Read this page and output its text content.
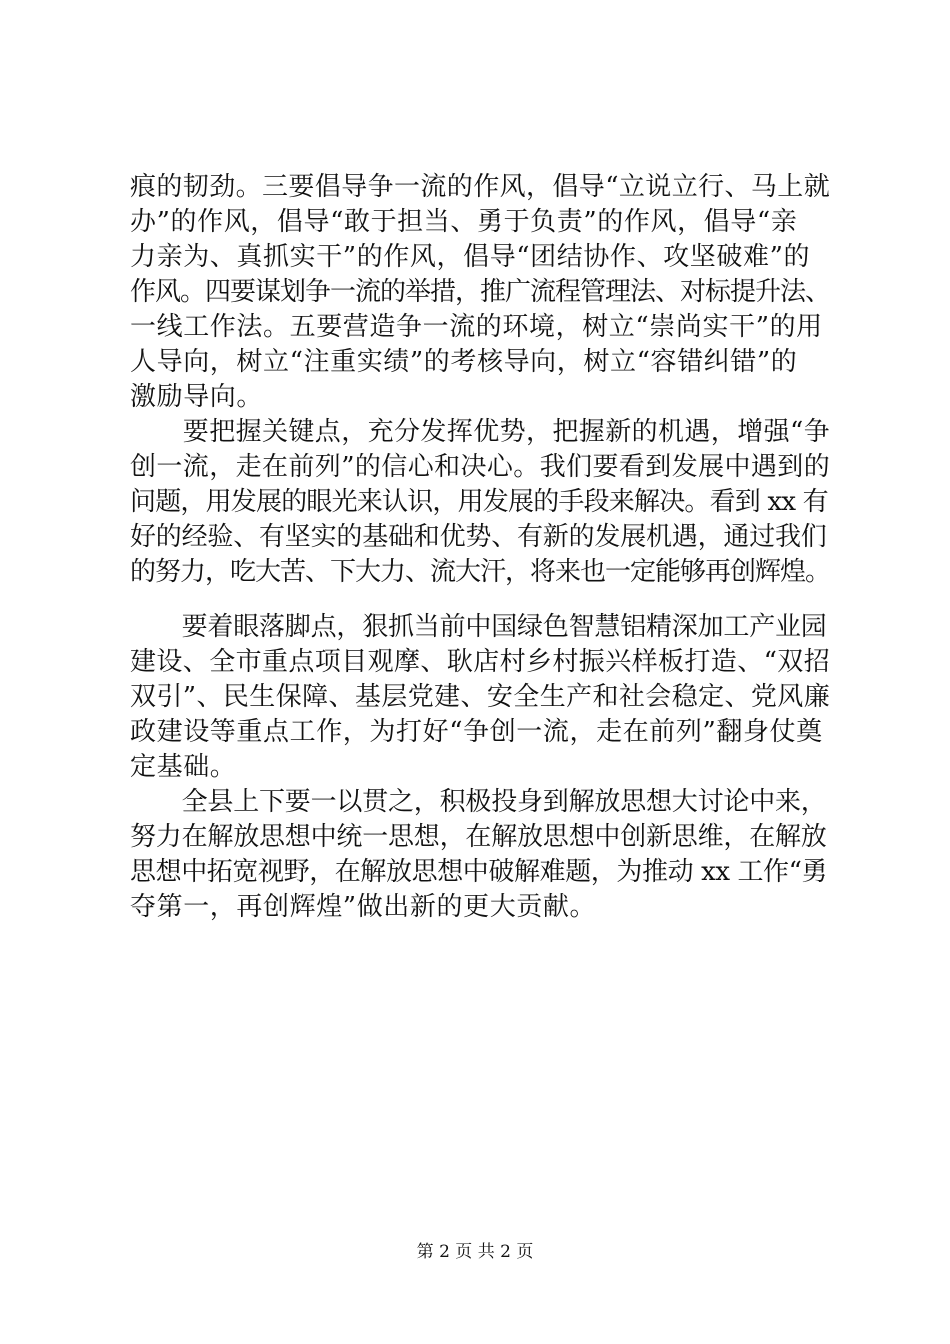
痕的韧劲。三要倡导争一流的作风，倡导“立说立行、马上就
办”的作风，倡导“敢于担当、勇于负责”的作风，倡导“亲
力亲为、真抓实干”的作风，倡导“团结协作、攻坚破难”的
作风。四要谋划争一流的举措，推广流程管理法、对标提升法、
一线工作法。五要营造争一流的环境，树立“崇尚实干”的用
人导向，树立“注重实绩”的考核导向，树立“容错纠错”的
激励导向。
　　要把握关键点，充分发挥优势，把握新的机遇，增强“争
创一流，走在前列”的信心和决心。我们要看到发展中遇到的
问题，用发展的眼光来认识，用发展的手段来解决。看到 xx 有
好的经验、有坚实的基础和优势、有新的发展机遇，通过我们
的努力，吃大苦、下大力、流大汗，将来也一定能够再创辉煌。
　　要着眼落脚点，狠抓当前中国绿色智慧铝精深加工产业园
建设、全市重点项目观摩、耿店村乡村振兴样板打造、“双招
双引”、民生保障、基层党建、安全生产和社会稳定、党风廉
政建设等重点工作，为打好“争创一流，走在前列”翻身仗奠
定基础。
　　全县上下要一以贯之，积极投身到解放思想大讨论中来，
努力在解放思想中统一思想，在解放思想中创新思维，在解放
思想中拓宽视野，在解放思想中破解难题，为推动 xx 工作“勇
夺第一，再创辉煌”做出新的更大贡献。
第 2 页 共 2 页
